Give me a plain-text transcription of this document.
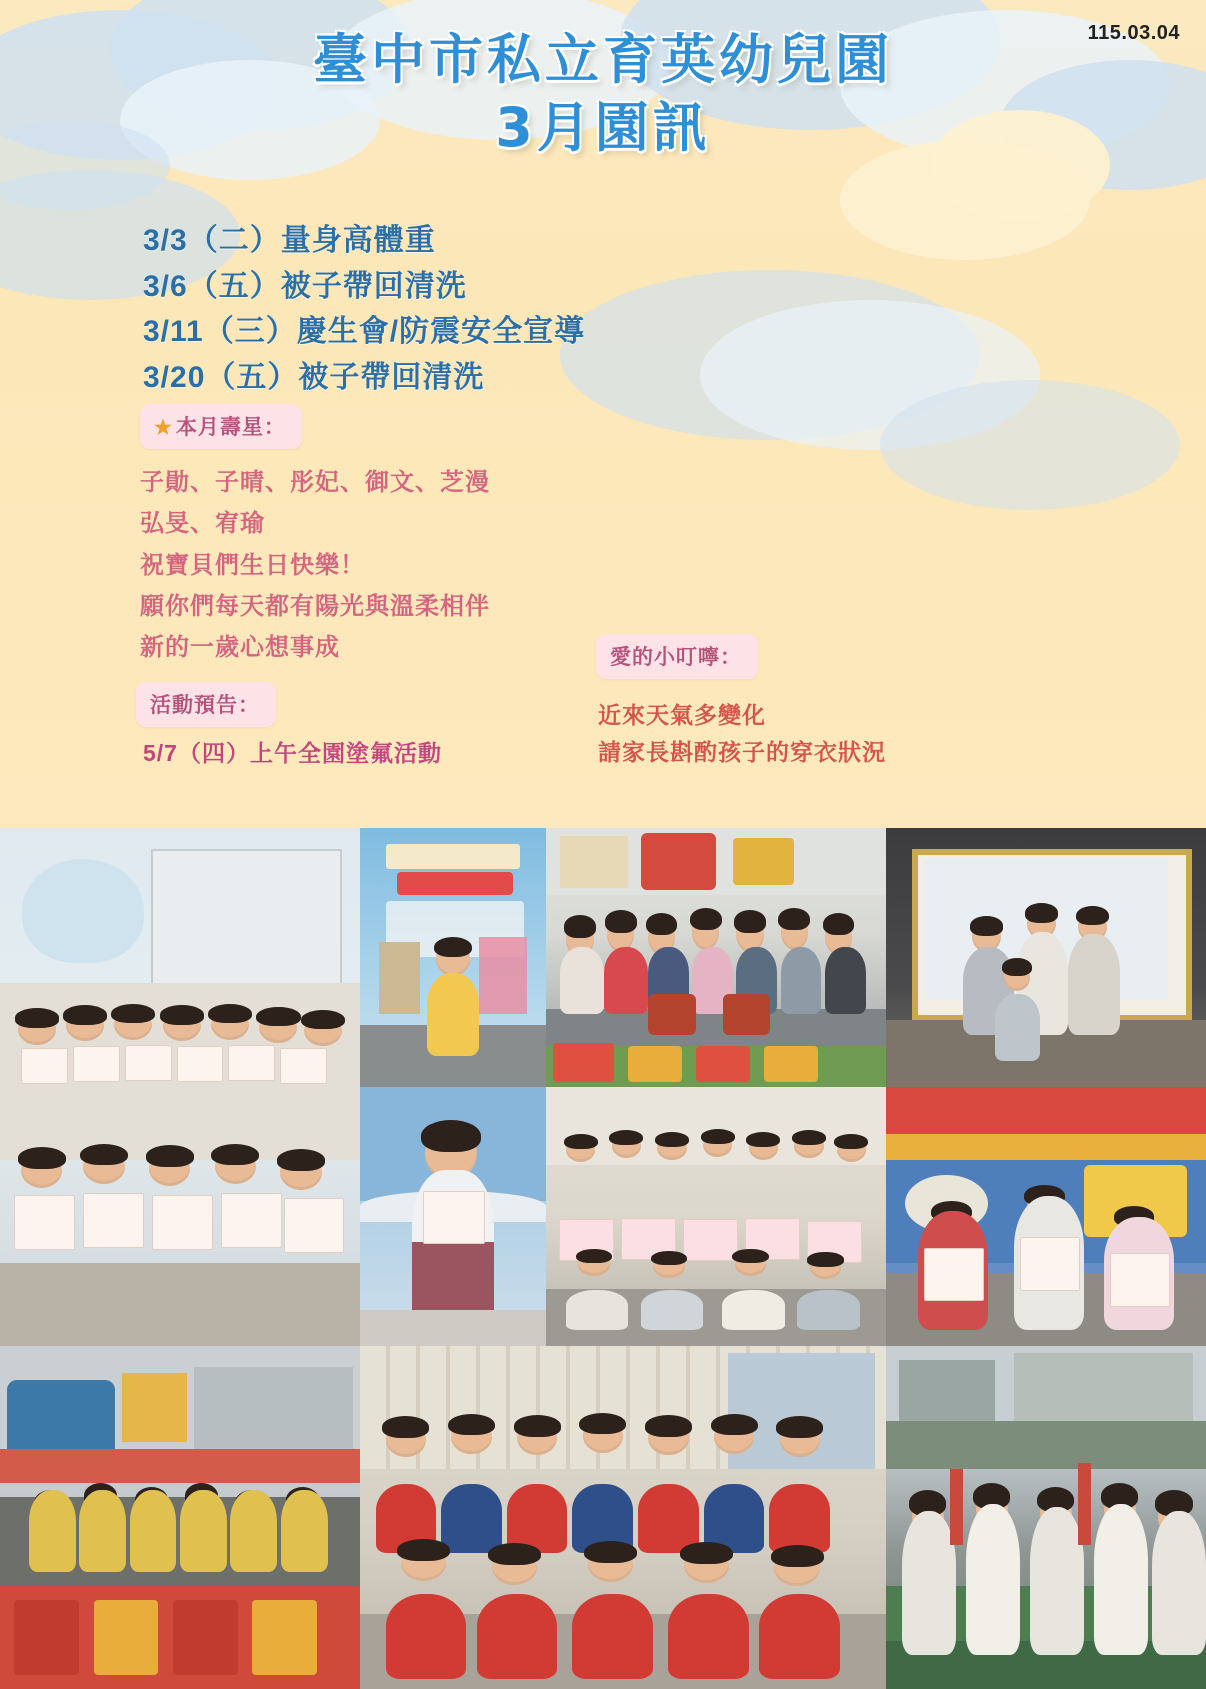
115.03.04
臺中市私立育英幼兒園
3月園訊
3/3（二）量身高體重
3/6（五）被子帶回清洗
3/11（三）慶生會/防震安全宣導
3/20（五）被子帶回清洗
★ 本月壽星：
子勛、子晴、彤妃、御文、芝漫
弘旻、宥瑜
祝寶貝們生日快樂！
願你們每天都有陽光與溫柔相伴
新的一歲心想事成	愛的小叮嚀：
近來天氣多變化
請家長斟酌孩子的穿衣狀況
活動預告：
5/7（四）上午全園塗氟活動
